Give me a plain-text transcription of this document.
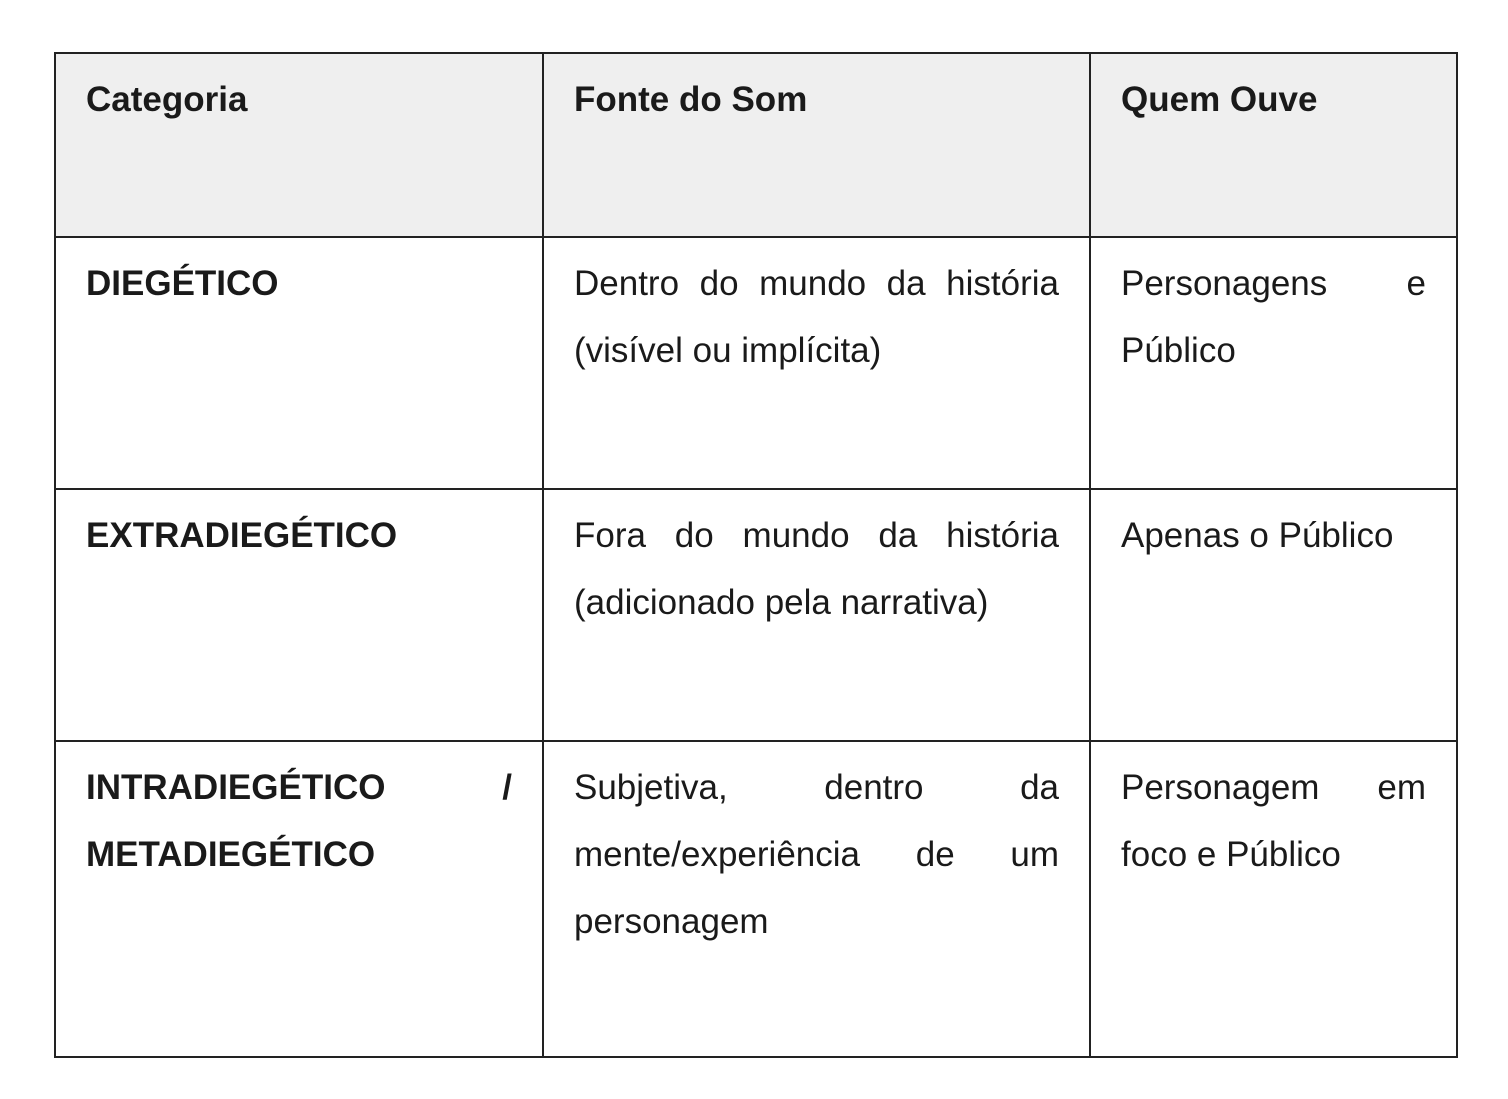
Categoria	Fonte do Som	Quem Ouve
DIEGÉTICO	Dentro do mundo da história (visível ou implícita)	Personagens e Público
EXTRADIEGÉTICO	Fora do mundo da história (adicionado pela narrativa)	Apenas o Público
INTRADIEGÉTICO / METADIEGÉTICO	Subjetiva, dentro da mente/experiência de um personagem	Personagem em foco e Público
